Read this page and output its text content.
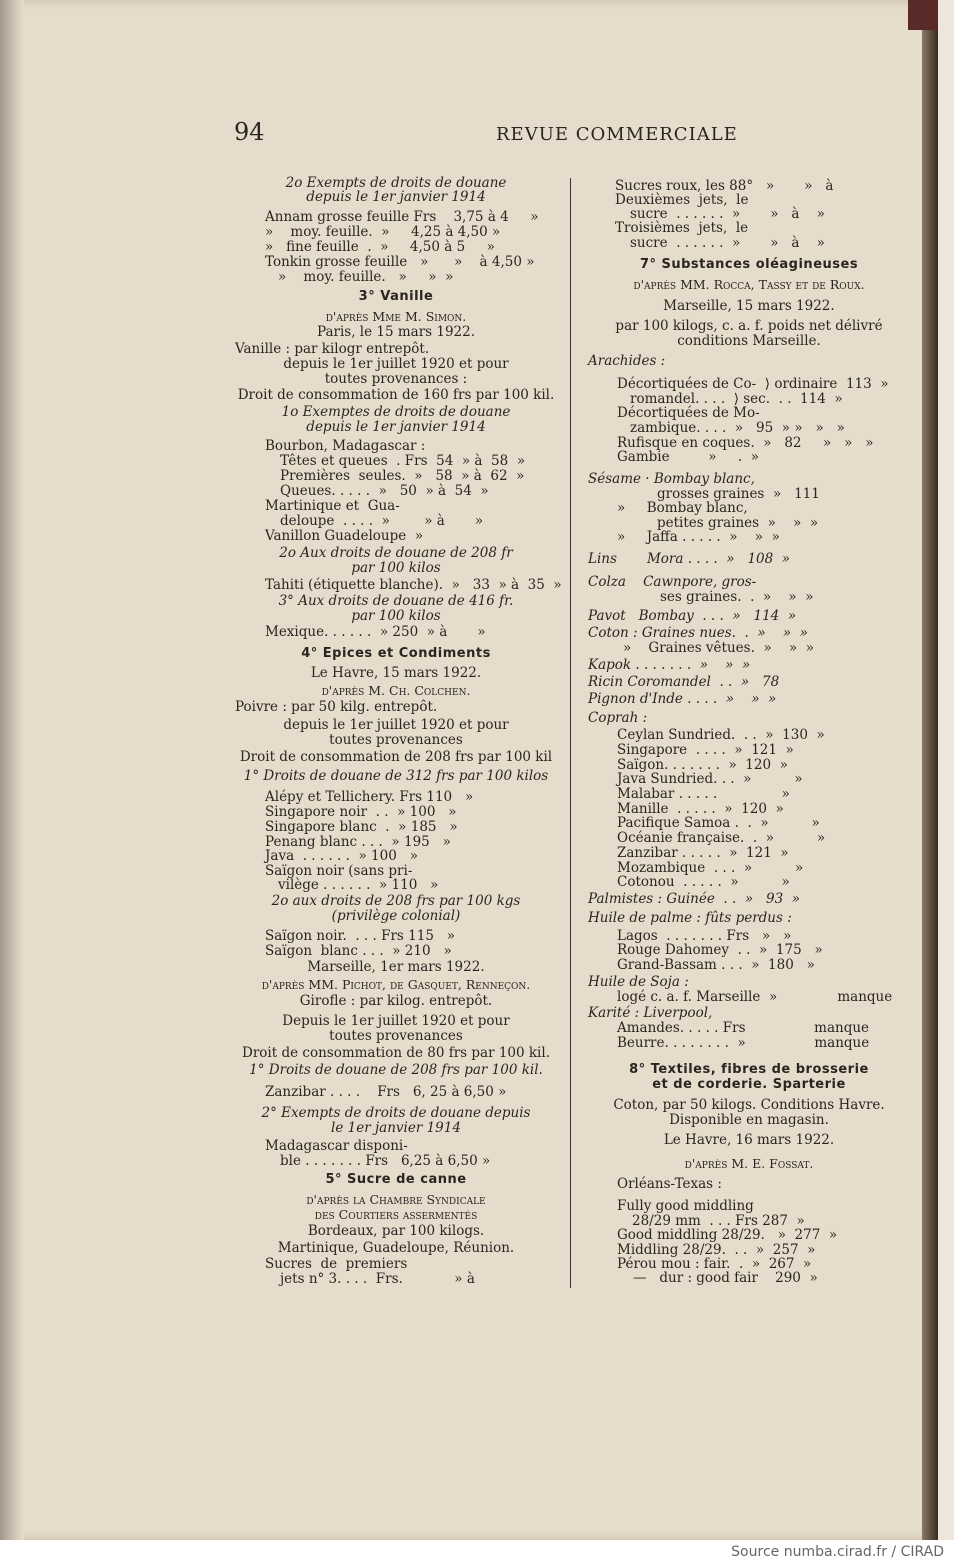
94	REVUE COMMERCIALE
2o Exempts de droits de douane
depuis le 1er janvier 1914
Annam grosse feuille Frs    3,75 à 4     »
»    moy. feuille.  »     4,25 à 4,50 »
»   fine feuille  .  »     4,50 à 5     »
Tonkin grosse feuille   »      »    à 4,50 »
»    moy. feuille.   »     »  »
3° Vanille
d'après Mme M. Simon.
Paris, le 15 mars 1922.
Vanille : par kilogr entrepôt.
depuis le 1er juillet 1920 et pour
toutes provenances :
Droit de consommation de 160 frs par 100 kil.
1o Exemptes de droits de douane
depuis le 1er janvier 1914
Bourbon, Madagascar :
Têtes et queues  . Frs  54  » à  58  »
Premières  seules.  »   58  » à  62  »
Queues. . . . .  »   50  » à  54  »
Martinique et  Gua-
deloupe  . . . .  »        » à       »
Vanillon Guadeloupe  »
2o Aux droits de douane de 208 fr
par 100 kilos
Tahiti (étiquette blanche).  »   33  » à  35  »
3° Aux droits de douane de 416 fr.
par 100 kilos
Mexique. . . . . .  » 250  » à       »
4° Epices et Condiments
Le Havre, 15 mars 1922.
d'après M. Ch. Colchen.
Poivre : par 50 kilg. entrepôt.
depuis le 1er juillet 1920 et pour
toutes provenances
Droit de consommation de 208 frs par 100 kil
1° Droits de douane de 312 frs par 100 kilos
Alépy et Tellichery. Frs 110   »
Singapore noir  . .  » 100   »
Singapore blanc  .  » 185   »
Penang blanc . . .  » 195   »
Java  . . . . . .  » 100   »
Saïgon noir (sans pri-
vilège . . . . . .  » 110   »
2o aux droits de 208 frs par 100 kgs
(privilège colonial)
Saïgon noir.  . . . Frs 115   »
Saïgon  blanc . . .  » 210   »
Marseille, 1er mars 1922.
d'après MM. Pichot, de Gasquet, Renneçon.
Girofle : par kilog. entrepôt.
Depuis le 1er juillet 1920 et pour
toutes provenances
Droit de consommation de 80 frs par 100 kil.
1° Droits de douane de 208 frs par 100 kil.
Zanzibar . . . .    Frs   6, 25 à 6,50 »
2° Exempts de droits de douane depuis
le 1er janvier 1914
Madagascar disponi-
ble . . . . . . . Frs   6,25 à 6,50 »
5° Sucre de canne
d'après la Chambre Syndicale
des Courtiers assermentés
Bordeaux, par 100 kilogs.
Martinique, Guadeloupe, Réunion.
Sucres  de  premiers
jets n° 3. . . .  Frs.            » à
Sucres roux, les 88°   »       »   à
Deuxièmes  jets,  le
sucre  . . . . . .  »       »   à    »
Troisièmes  jets,  le
sucre  . . . . . .  »       »   à    »
7° Substances oléagineuses
d'après MM. Rocca, Tassy et de Roux.
Marseille, 15 mars 1922.
par 100 kilogs, c. a. f. poids net délivré
conditions Marseille.
Arachides :
Décortiquées de Co-  ⟩ ordinaire  113  »
romandel. . . .  ⟩ sec.  . .  114  »
Décortiquées de Mo-
zambique. . . .  »   95  » »   »   »
Rufisque en coques.  »   82     »   »   »
Gambie         »     .  »
Sésame · Bombay blanc,
grosses graines  »   111
»     Bombay blanc,
petites graines  »    »  »
»     Jaffa . . . . .  »    »  »
Lins       Mora . . . .  »   108  »
Colza    Cawnpore, gros-
ses graines.  .  »    »  »
Pavot   Bombay  . . .  »   114  »
Coton : Graines nues.  .  »    »  »
»    Graines vêtues.  »    »  »
Kapok . . . . . . .  »    »  »
Ricin Coromandel  . .  »   78
Pignon d'Inde . . . .  »    »  »
Coprah :
Ceylan Sundried.  . .  »  130  »
Singapore  . . . .  »  121  »
Saïgon. . . . . . .  »  120  »
Java Sundried. . .  »          »
Malabar . . . . .               »
Manille  . . . . .  »  120  »
Pacifique Samoa .  .  »          »
Océanie française.  .  »          »
Zanzibar . . . . .  »  121  »
Mozambique  . . .  »          »
Cotonou  . . . . .  »          »
Palmistes : Guinée  . .  »   93  »
Huile de palme : fûts perdus :
Lagos  . . . . . . . Frs   »   »
Rouge Dahomey  . .  »  175   »
Grand-Bassam . . .  »  180   »
Huile de Soja :
logé c. a. f. Marseille  »              manque
Karité : Liverpool,
Amandes. . . . . Frs                manque
Beurre. . . . . . . .  »                manque
8° Textiles, fibres de brosserie
et de corderie. Sparterie
Coton, par 50 kilogs. Conditions Havre.
Disponible en magasin.
Le Havre, 16 mars 1922.
d'après M. E. Fossat.
Orléans-Texas :
Fully good middling
28/29 mm  . . . Frs 287  »
Good middling 28/29.   »  277  »
Middling 28/29.  . .  »  257  »
Pérou mou : fair.  .  »  267  »
—   dur : good fair    290  »
Source numba.cirad.fr / CIRAD
